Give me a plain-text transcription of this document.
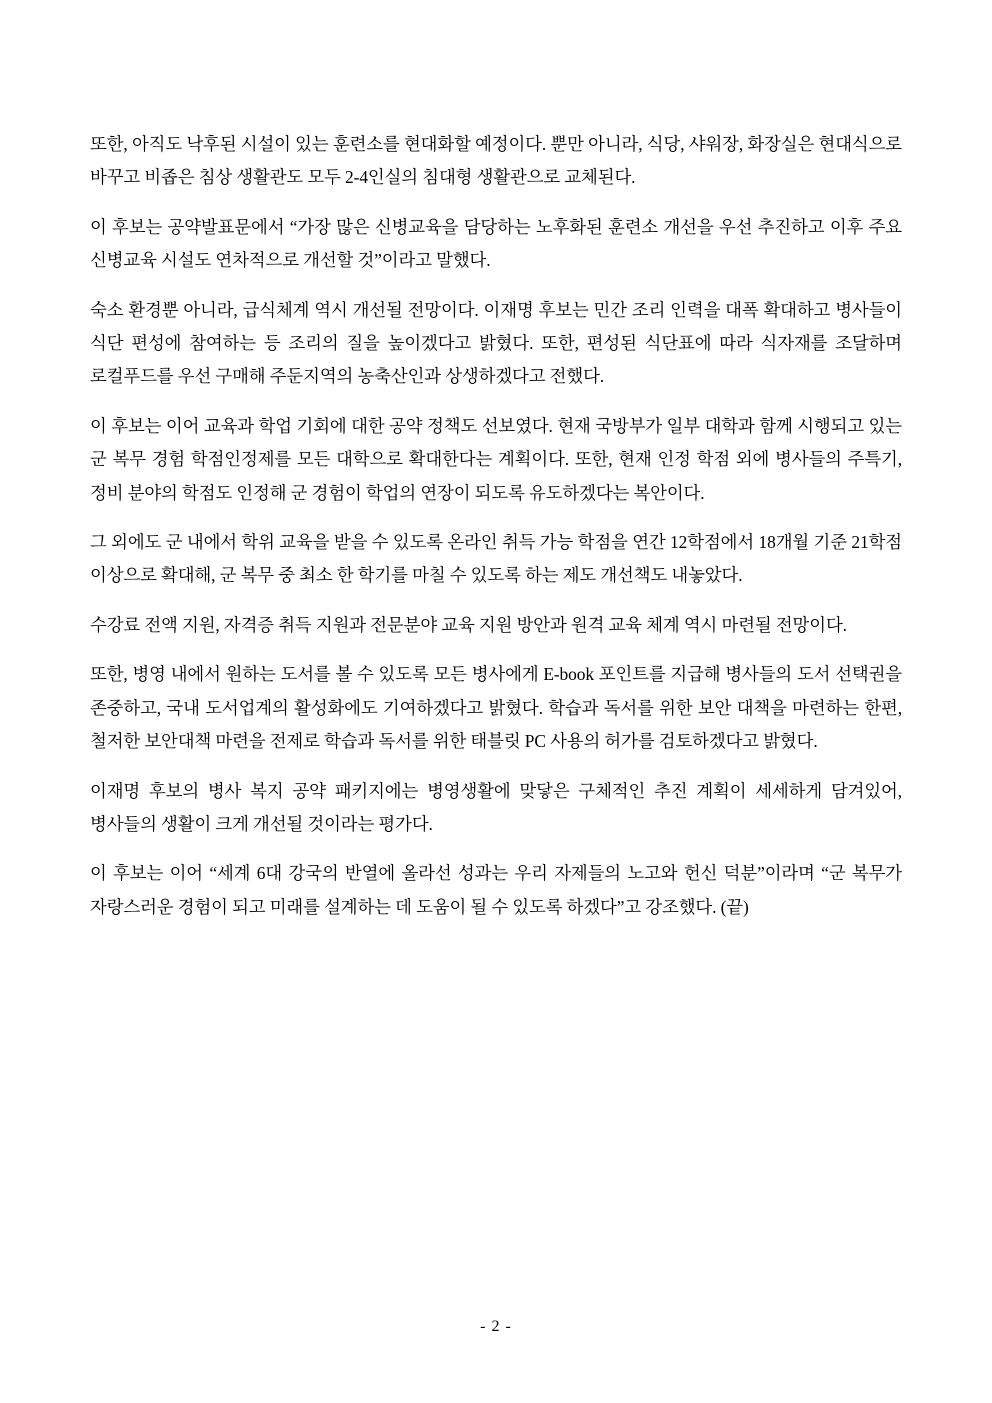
또한, 아직도 낙후된 시설이 있는 훈련소를 현대화할 예정이다. 뿐만 아니라, 식당, 샤워장, 화장실은 현대식으로 바꾸고 비좁은 침상 생활관도 모두 2-4인실의 침대형 생활관으로 교체된다.

이 후보는 공약발표문에서 “가장 많은 신병교육을 담당하는 노후화된 훈련소 개선을 우선 추진하고 이후 주요 신병교육 시설도 연차적으로 개선할 것”이라고 말했다.

숙소 환경뿐 아니라, 급식체계 역시 개선될 전망이다. 이재명 후보는 민간 조리 인력을 대폭 확대하고 병사들이 식단 편성에 참여하는 등 조리의 질을 높이겠다고 밝혔다. 또한, 편성된 식단표에 따라 식자재를 조달하며 로컬푸드를 우선 구매해 주둔지역의 농축산인과 상생하겠다고 전했다.

이 후보는 이어 교육과 학업 기회에 대한 공약 정책도 선보였다. 현재 국방부가 일부 대학과 함께 시행되고 있는 군 복무 경험 학점인정제를 모든 대학으로 확대한다는 계획이다. 또한, 현재 인정 학점 외에 병사들의 주특기, 정비 분야의 학점도 인정해 군 경험이 학업의 연장이 되도록 유도하겠다는 복안이다.

그 외에도 군 내에서 학위 교육을 받을 수 있도록 온라인 취득 가능 학점을 연간 12학점에서 18개월 기준 21학점 이상으로 확대해, 군 복무 중 최소 한 학기를 마칠 수 있도록 하는 제도 개선책도 내놓았다.

수강료 전액 지원, 자격증 취득 지원과 전문분야 교육 지원 방안과 원격 교육 체계 역시 마련될 전망이다.

또한, 병영 내에서 원하는 도서를 볼 수 있도록 모든 병사에게 E-book 포인트를 지급해 병사들의 도서 선택권을 존중하고, 국내 도서업계의 활성화에도 기여하겠다고 밝혔다. 학습과 독서를 위한 보안 대책을 마련하는 한편, 철저한 보안대책 마련을 전제로 학습과 독서를 위한 태블릿 PC 사용의 허가를 검토하겠다고 밝혔다.

이재명 후보의 병사 복지 공약 패키지에는 병영생활에 맞닿은 구체적인 추진 계획이 세세하게 담겨있어, 병사들의 생활이 크게 개선될 것이라는 평가다.

이 후보는 이어 “세계 6대 강국의 반열에 올라선 성과는 우리 자제들의 노고와 헌신 덕분”이라며 “군 복무가 자랑스러운 경험이 되고 미래를 설계하는 데 도움이 될 수 있도록 하겠다”고 강조했다. (끝)

- 2 -
